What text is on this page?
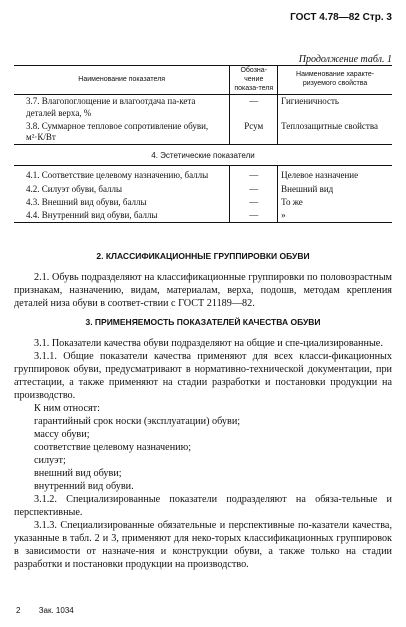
ГОСТ 4.78—82 Стр. 3
Продолжение табл. 1
Наименование показателя	Обозна-чение показа-теля	Наименование характе-ризуемого свойства
3.7. Влагопоглощение и влагоотдача па-кета деталей верха, %	—	Гигиеничность
3.8. Суммарное тепловое сопротивление обуви, м²·К/Вт	Pсум	Теплозащитные свойства
4. Эстетические показатели		
4.1. Соответствие целевому назначению, баллы	—	Целевое назначение
4.2. Силуэт обуви, баллы	—	Внешний вид
4.3. Внешний вид обуви, баллы	—	То же
4.4. Внутренний вид обуви, баллы	—	»

2. КЛАССИФИКАЦИОННЫЕ ГРУППИРОВКИ ОБУВИ

2.1. Обувь подразделяют на классификационные группировки по половозрастным признакам, назначению, видам, материалам, верха, подошв, методам крепления деталей низа обуви в соответ-ствии с ГОСТ 21189—82.

3. ПРИМЕНЯЕМОСТЬ ПОКАЗАТЕЛЕЙ КАЧЕСТВА ОБУВИ

3.1. Показатели качества обуви подразделяют на общие и спе-циализированные.

3.1.1. Общие показатели качества применяют для всех класси-фикационных группировок обуви, предусматривают в нормативно-технической документации, при аттестации, а также применяют на стадии разработки и постановки продукции на производство.

К ним относят:

гарантийный срок носки (эксплуатации) обуви;

массу обуви;

соответствие целевому назначению;

силуэт;

внешний вид обуви;

внутренний вид обуви.

3.1.2. Специализированные показатели подразделяют на обяза-тельные и перспективные.

3.1.3. Специализированные обязательные и перспективные по-казатели качества, указанные в табл. 2 и 3, применяют для неко-торых классификационных группировок в зависимости от назначе-ния и конструкции обуви, а также только на стадии разработки и постановки продукции на производство.

2 Зак. 1034
